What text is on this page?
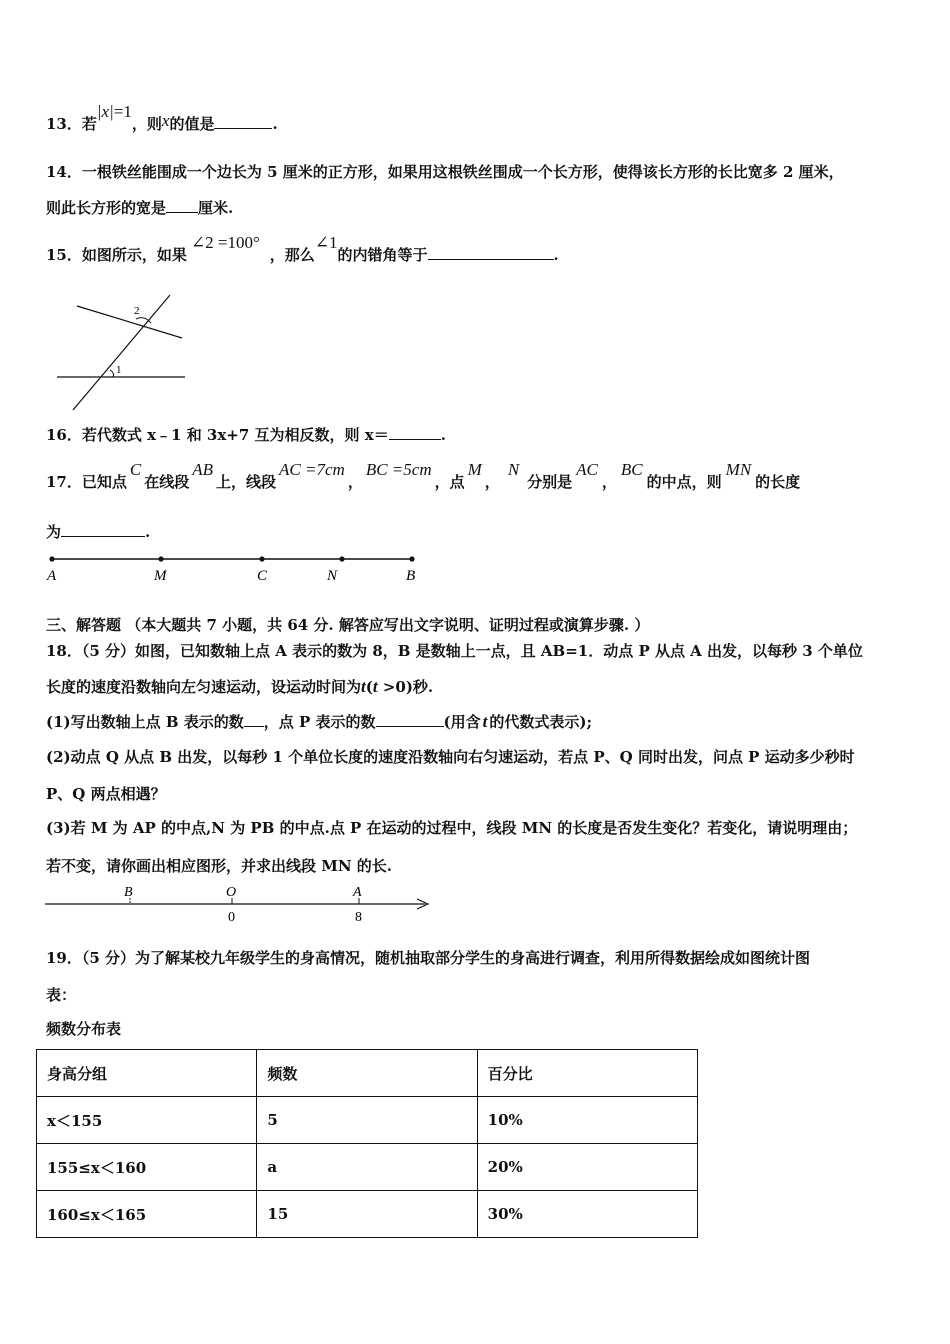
13．若|x|=1，则x的值是	.
14．一根铁丝能围成一个边长为 5 厘米的正方形，如果用这根铁丝围成一个长方形，使得该长方形的长比宽多 2 厘米，
则此长方形的宽是 厘米.
15．如图所示，如果∠2 =100°，那么∠1的内错角等于	.
2
1
16．若代数式 x﹣1 和 3x+7 互为相反数，则 x＝	.
17．已知点C在线段AB上，线段AC =7cm，BC =5cm，点M，N分别是AC，BC的中点，则MN的长度
为	.
A	M	C	N	B
三、解答题 （本大题共 7 小题，共 64 分. 解答应写出文字说明、证明过程或演算步骤. ）
18．（5 分）如图，已知数轴上点 A 表示的数为 8，B 是数轴上一点，且 AB=1．动点 P 从点 A 出发，以每秒 3 个单位
长度的速度沿数轴向左匀速运动，设运动时间为t(t >0)秒.
(1)写出数轴上点 B 表示的数 ，点 P 表示的数	(用含 t 的代数式表示);
(2)动点 Q 从点 B 出发，以每秒 1 个单位长度的速度沿数轴向右匀速运动，若点 P、Q 同时出发，问点 P 运动多少秒时
P、Q 两点相遇？
(3)若 M 为 AP 的中点,N 为 PB 的中点.点 P 在运动的过程中，线段 MN 的长度是否发生变化？若变化，请说明理由；
若不变，请你画出相应图形，并求出线段 MN 的长.
B	O	A
0	8
19．（5 分）为了解某校九年级学生的身高情况，随机抽取部分学生的身高进行调查，利用所得数据绘成如图统计图
表：
频数分布表
身高分组	频数	百分比
x＜155	5	10%
155≤x＜160	a	20%
160≤x＜165	15	30%
